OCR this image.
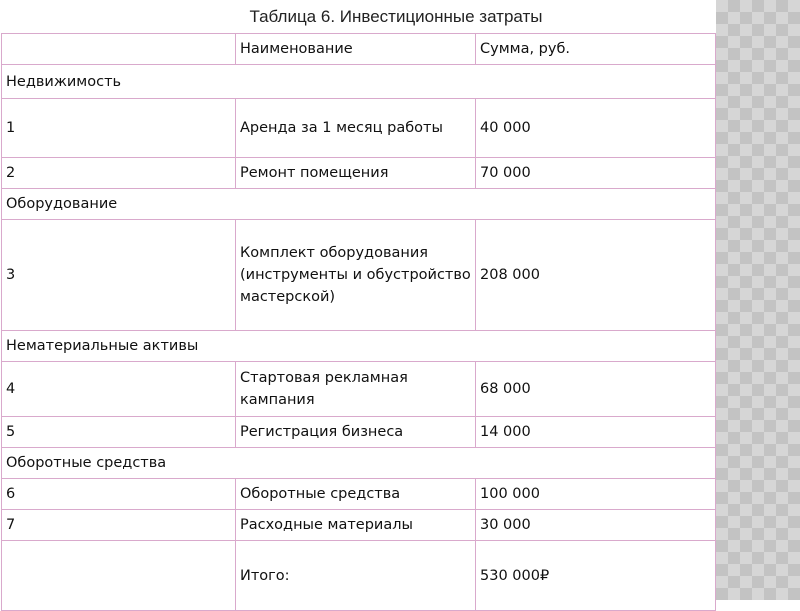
Таблица 6. Инвестиционные затраты
	Наименование	Сумма, руб.
Недвижимость		
1	Аренда за 1 месяц работы	40 000
2	Ремонт помещения	70 000
Оборудование		
3	Комплект оборудования (инструменты и обустройство мастерской)	208 000
Нематериальные активы		
4	Стартовая рекламная кампания	68 000
5	Регистрация бизнеса	14 000
Оборотные средства		
6	Оборотные средства	100 000
7	Расходные материалы	30 000
	Итого:	530 000₽
